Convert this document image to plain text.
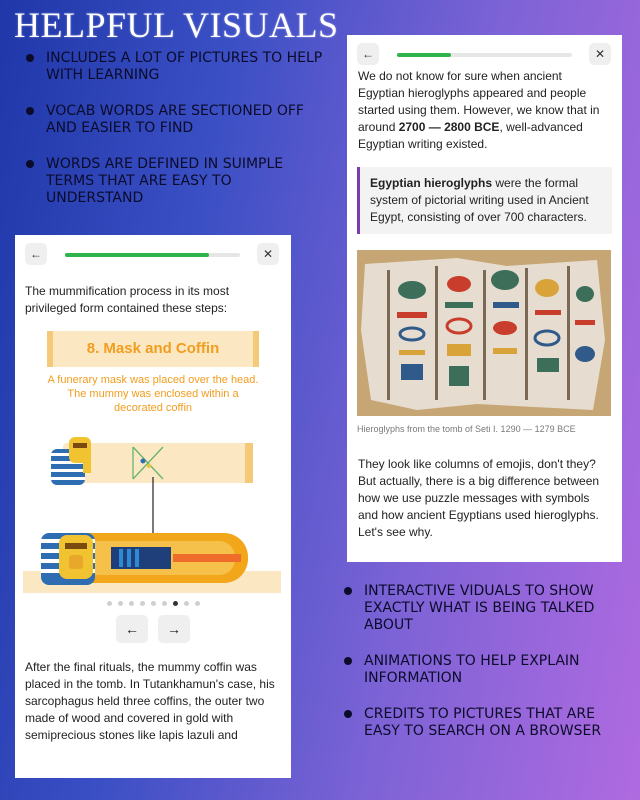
HELPFUL VISUALS
INCLUDES A LOT OF PICTURES TO HELP WITH LEARNING
VOCAB WORDS ARE SECTIONED OFF AND EASIER TO FIND
WORDS ARE DEFINED IN SUIMPLE TERMS THAT ARE EASY TO UNDERSTAND
←	✕

The mummification process in its most privileged form contained these steps:

8. Mask and Coffin

A funerary mask was placed over the head. The mummy was enclosed within a decorated coffin

←	→

After the final rituals, the mummy coffin was placed in the tomb. In Tutankhamun's case, his sarcophagus held three coffins, the outer two made of wood and covered in gold with semiprecious stones like lapis lazuli and

←	✕

We do not know for sure when ancient Egyptian hieroglyphs appeared and people started using them. However, we know that in around 2700 — 2800 BCE, well-advanced Egyptian writing existed.

Egyptian hieroglyphs were the formal system of pictorial writing used in Ancient Egypt, consisting of over 700 characters.

Hieroglyphs from the tomb of Seti I. 1290 — 1279 BCE

They look like columns of emojis, don't they? But actually, there is a big difference between how we use puzzle messages with symbols and how ancient Egyptians used hieroglyphs. Let's see why.

INTERACTIVE VIDUALS TO SHOW EXACTLY WHAT IS BEING TALKED ABOUT
ANIMATIONS TO HELP EXPLAIN INFORMATION
CREDITS TO PICTURES THAT ARE EASY TO SEARCH ON A BROWSER
